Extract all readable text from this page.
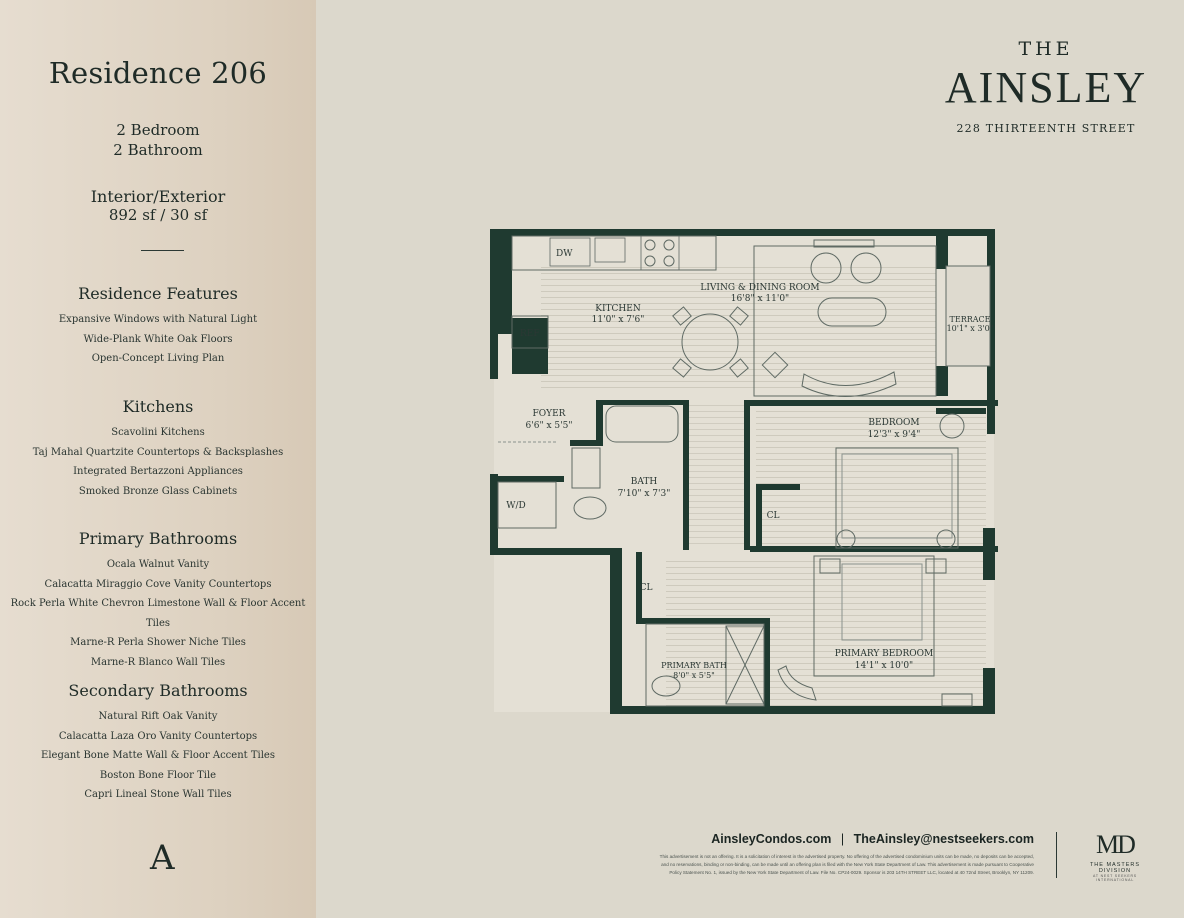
Residence 206
2 Bedroom
2 Bathroom
Interior/Exterior
892 sf / 30 sf
Residence Features
Expansive Windows with Natural Light
Wide-Plank White Oak Floors
Open-Concept Living Plan
Kitchens
Scavolini Kitchens
Taj Mahal Quartzite Countertops & Backsplashes
Integrated Bertazzoni Appliances
Smoked Bronze Glass Cabinets
Primary Bathrooms
Ocala Walnut Vanity
Calacatta Miraggio Cove Vanity Countertops
Rock Perla White Chevron Limestone Wall & Floor Accent Tiles
Marne-R Perla Shower Niche Tiles
Marne-R Blanco Wall Tiles
Secondary Bathrooms
Natural Rift Oak Vanity
Calacatta Laza Oro Vanity Countertops
Elegant Bone Matte Wall & Floor Accent Tiles
Boston Bone Floor Tile
Capri Lineal Stone Wall Tiles
A
THE
AINSLEY
228 THIRTEENTH STREET
DW
REF
KITCHEN
11'0" x 7'6"
LIVING & DINING ROOM
16'8" x 11'0"
TERRACE
10'1" x 3'0"
FOYER
6'6" x 5'5"
W/D
BATH
7'10" x 7'3"
BEDROOM
12'3" x 9'4"
CL
CL
PRIMARY BATH
8'0" x 5'5"
PRIMARY BEDROOM
14'1" x 10'0"
AinsleyCondos.com | TheAinsley@nestseekers.com
This advertisement is not an offering. It is a solicitation of interest in the advertised property. No offering of the advertised condominium units can be made, no deposits can be accepted,
and no reservations, binding or non-binding, can be made until an offering plan is filed with the New York State Department of Law. This advertisement is made pursuant to Cooperative
Policy Statement No. 1, issued by the New York State Department of Law. File No. CP24-0029. Sponsor is 203 14TH STREET LLC, located at 40 72nd Street, Brooklyn, NY 11209.
MD
THE MASTERS DIVISION
AT NEST SEEKERS INTERNATIONAL
